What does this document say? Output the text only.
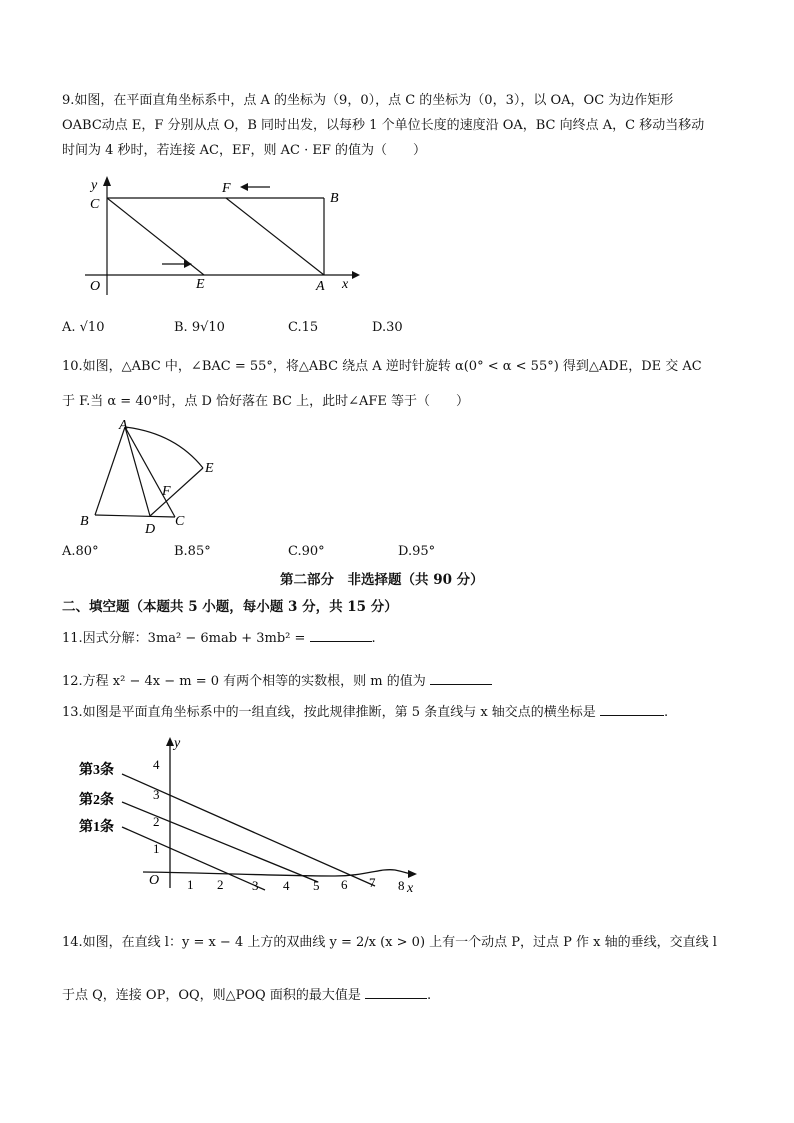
9.如图，在平面直角坐标系中，点 A 的坐标为（9，0），点 C 的坐标为（0，3），以 OA，OC 为边作矩形
OABC动点 E，F 分别从点 O，B 同时出发，以每秒 1 个单位长度的速度沿 OA，BC 向终点 A，C 移动当移动
时间为 4 秒时，若连接 AC，EF，则 AC · EF 的值为（　　）
y
C
F
B
O	E	A x
A. √10	B. 9√10	C.15	D.30
10.如图，△ABC 中，∠BAC = 55°，将△ABC 绕点 A 逆时针旋转 α(0° < α < 55°) 得到△ADE，DE 交 AC
于 F.当 α = 40°时，点 D 恰好落在 BC 上，此时∠AFE 等于（　　）
A
E
F
B
D
C
A.80°	B.85°	C.90°	D.95°
第二部分　非选择题（共 90 分）
二、填空题（本题共 5 小题，每小题 3 分，共 15 分）
11.因式分解：3ma² − 6mab + 3mb² =	.
12.方程 x² − 4x − m = 0 有两个相等的实数根，则 m 的值为
13.如图是平面直角坐标系中的一组直线，按此规律推断，第 5 条直线与 x 轴交点的横坐标是	.
第3条
第2条
第1条
y
O
x
4
3
2
1
1 2 3 4 5 6 7 8
14.如图，在直线 l：y = x − 4 上方的双曲线 y = 2/x (x > 0) 上有一个动点 P，过点 P 作 x 轴的垂线，交直线 l
于点 Q，连接 OP，OQ，则△POQ 面积的最大值是	.
